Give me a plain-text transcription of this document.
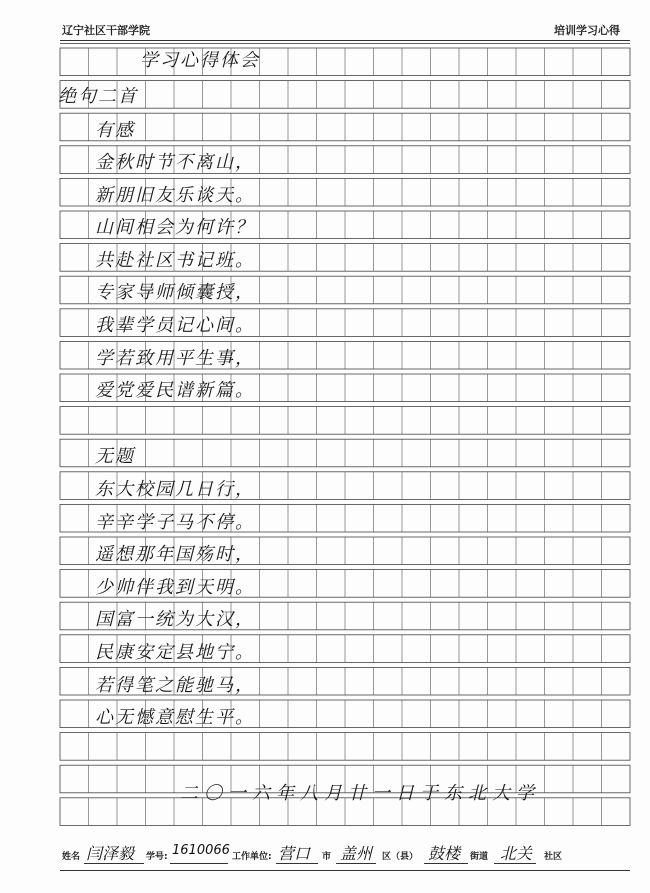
辽宁社区干部学院	培训学习心得
学习心得体会
绝句二首
有感
金秋时节不离山，
新朋旧友乐谈天。
山间相会为何许？
共赴社区书记班。
专家导师倾囊授，
我辈学员记心间。
学若致用平生事，
爱党爱民谱新篇。
无题
东大校园几日行，
辛辛学子马不停。
遥想那年国殇时，
少帅伴我到天明。
国富一统为大汉，
民康安定县地宁。
若得笔之能驰马，
心无憾意慰生平。
二〇一六年八月廿一日于东北大学
姓名 闫泽毅 学号: 1610066 工作单位: 营口 市 盖州 区（县） 鼓楼 街道 北关 社区
